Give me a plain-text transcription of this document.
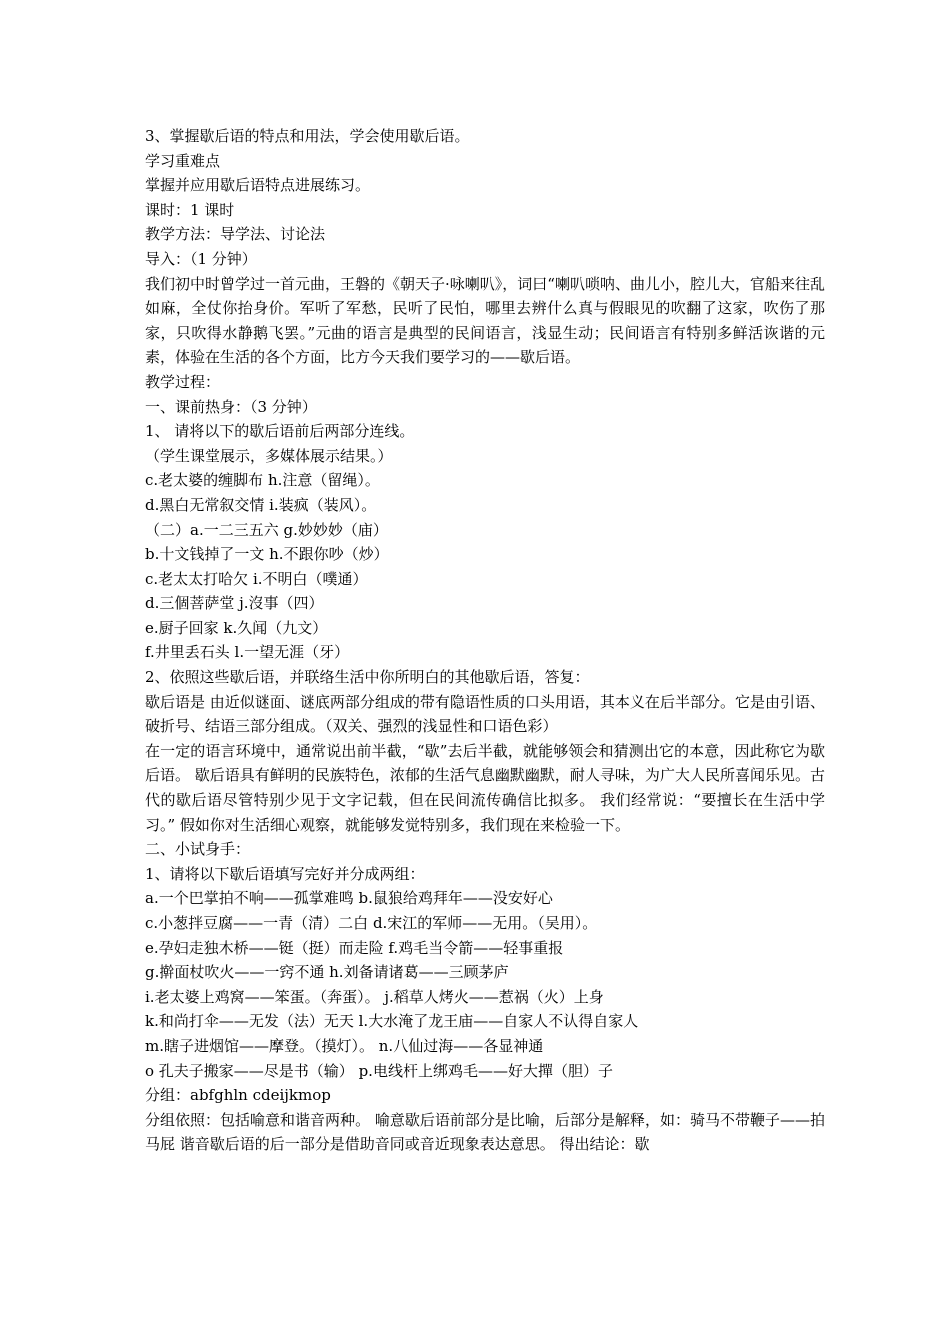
3、掌握歇后语的特点和用法，学会使用歇后语。
学习重难点
掌握并应用歇后语特点进展练习。
课时：1 课时
教学方法：导学法、讨论法
导入：（1 分钟）
我们初中时曾学过一首元曲，王磐的《朝天子·咏喇叭》，词曰“喇叭唢呐、曲儿小，腔儿大，官船来往乱如麻，全仗你抬身价。军听了军愁，民听了民怕，哪里去辨什么真与假眼见的吹翻了这家，吹伤了那家，只吹得水静鹅飞罢。”元曲的语言是典型的民间语言，浅显生动；民间语言有特别多鲜活诙谐的元素，体验在生活的各个方面，比方今天我们要学习的——歇后语。
教学过程：
一、课前热身：（3 分钟）
1、 请将以下的歇后语前后两部分连线。
（学生课堂展示，多媒体展示结果。）
c.老太婆的缠脚布 h.注意（留绳）。
d.黑白无常叙交情 i.装疯（装风）。
（二）a.一二三五六 g.妙妙妙（庙）
b.十文钱掉了一文 h.不跟你吵（炒）
c.老太太打哈欠 i.不明白（噗通）
d.三個菩萨堂 j.沒事（四）
e.厨子回家 k.久闻（九文）
f.井里丢石头 l.一望无涯（牙）
2、依照这些歇后语，并联络生活中你所明白的其他歇后语，答复：
歇后语是 由近似谜面、谜底两部分组成的带有隐语性质的口头用语，其本义在后半部分。它是由引语、破折号、结语三部分组成。（双关、强烈的浅显性和口语色彩）
在一定的语言环境中，通常说出前半截，“歇”去后半截，就能够领会和猜测出它的本意，因此称它为歇后语。 歇后语具有鲜明的民族特色，浓郁的生活气息幽默幽默，耐人寻味，为广大人民所喜闻乐见。古代的歇后语尽管特别少见于文字记载，但在民间流传确信比拟多。 我们经常说：“要擅长在生活中学习。” 假如你对生活细心观察，就能够发觉特别多，我们现在来检验一下。
二、小试身手：
1、请将以下歇后语填写完好并分成两组：
a.一个巴掌拍不响——孤掌难鸣 b.鼠狼给鸡拜年——没安好心
c.小葱拌豆腐——一青（清）二白 d.宋江的军师——无用。（吴用）。
e.孕妇走独木桥——铤（挺）而走险 f.鸡毛当令箭——轻事重报
g.擀面杖吹火——一窍不通 h.刘备请诸葛——三顾茅庐
i.老太婆上鸡窝——笨蛋。（奔蛋）。 j.稻草人烤火——惹祸（火）上身
k.和尚打伞——无发（法）无天 l.大水淹了龙王庙——自家人不认得自家人
m.瞎子进烟馆——摩登。（摸灯）。 n.八仙过海——各显神通
o 孔夫子搬家——尽是书（输） p.电线杆上绑鸡毛——好大撣（胆）子
分组：abfghln cdeijkmop
分组依照：包括喻意和谐音两种。 喻意歇后语前部分是比喻，后部分是解释，如：骑马不带鞭子——拍马屁 谐音歇后语的后一部分是借助音同或音近现象表达意思。 得出结论：歇
